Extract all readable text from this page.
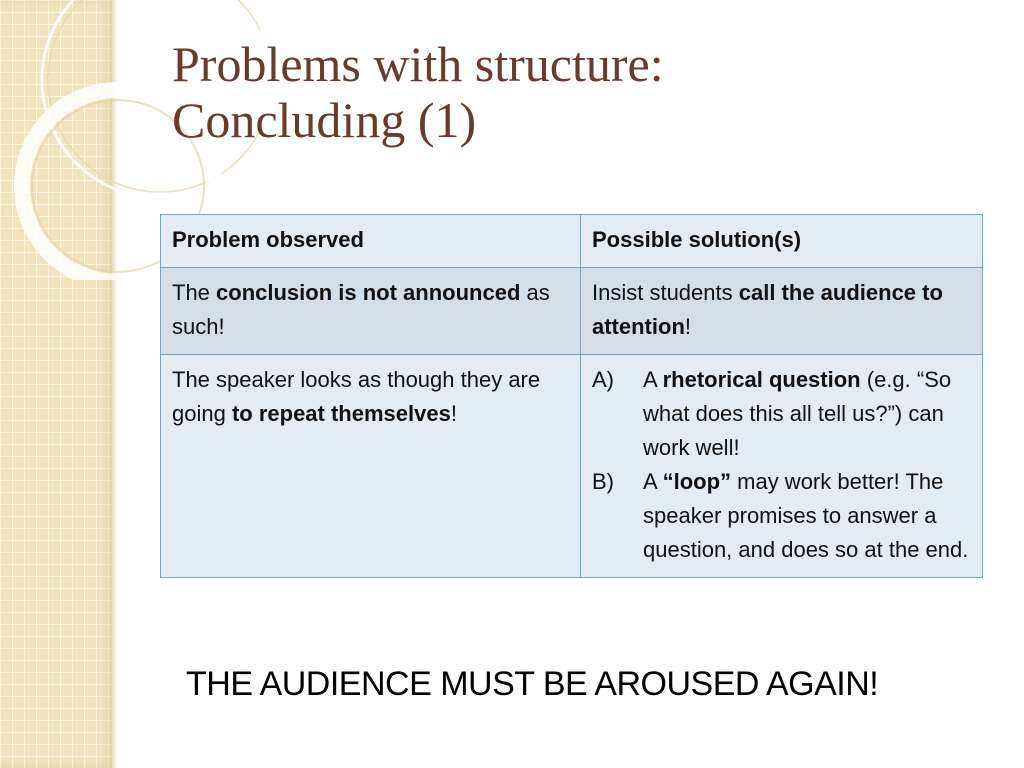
Problems with structure:
Concluding (1)
Problem observed	Possible solution(s)
The conclusion is not announced as such!	Insist students call the audience to attention!
The speaker looks as though they are going to repeat themselves!	A) A rhetorical question (e.g. “So what does this all tell us?”) can work well!
B) A “loop” may work better! The speaker promises to answer a question, and does so at the end.
THE AUDIENCE MUST BE AROUSED AGAIN!
